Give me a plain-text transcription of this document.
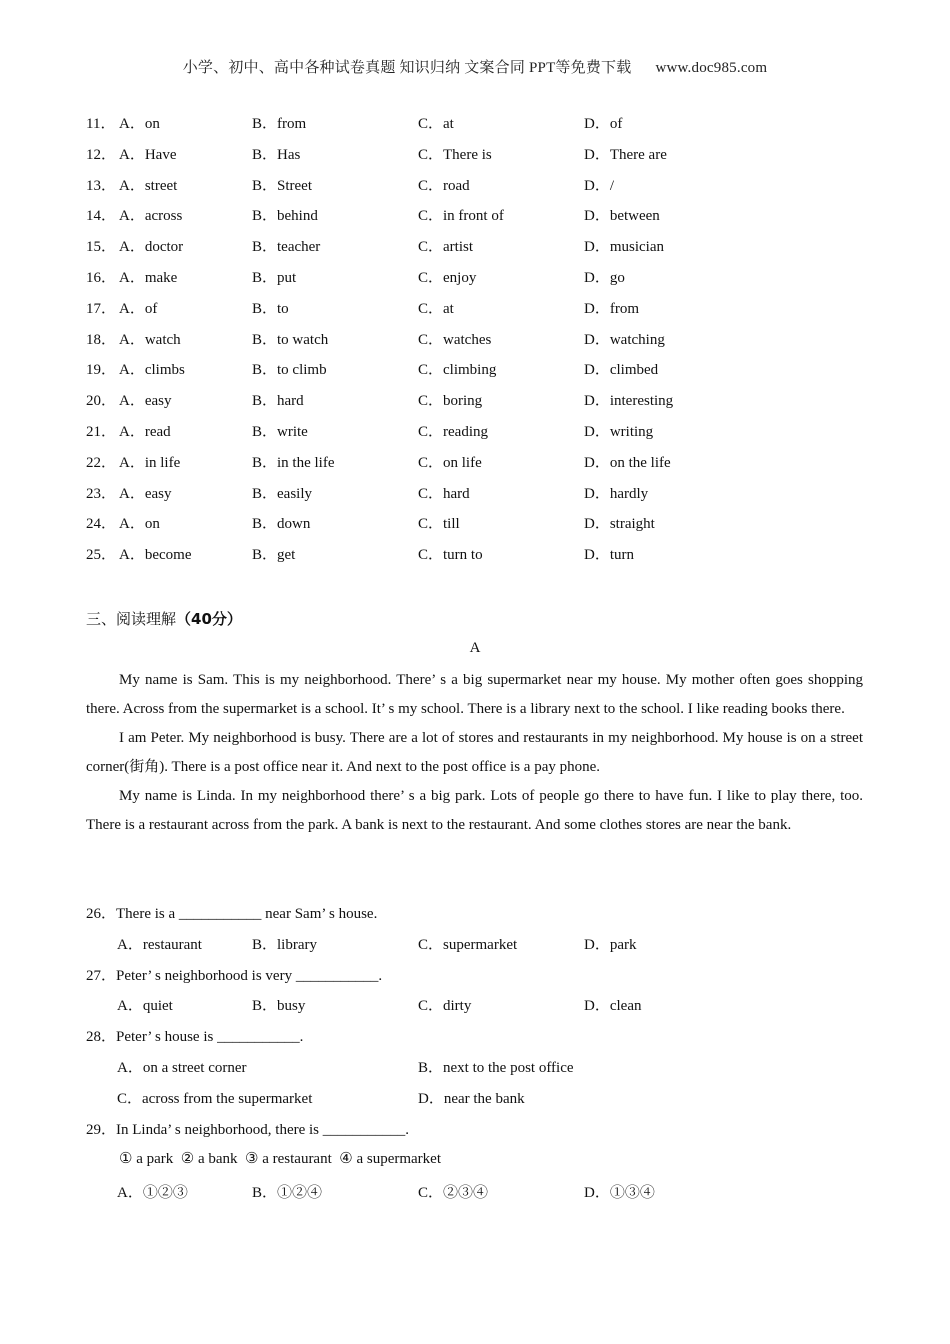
小学、初中、高中各种试卷真题 知识归纳 文案合同 PPT等免费下载 www.doc985.com
11． A．on	B．from	C．at	D．of
12． A．Have	B．Has	C．There is	D．There are
13． A．street	B．Street	C．road	D．/
14． A．across	B．behind	C．in front of	D．between
15． A．doctor	B．teacher	C．artist	D．musician
16． A．make	B．put	C．enjoy	D．go
17． A．of	B．to	C．at	D．from
18． A．watch	B．to watch	C．watches	D．watching
19． A．climbs	B．to climb	C．climbing	D．climbed
20． A．easy	B．hard	C．boring	D．interesting
21． A．read	B．write	C．reading	D．writing
22． A．in life	B．in the life	C．on life	D．on the life
23． A．easy	B．easily	C．hard	D．hardly
24． A．on	B．down	C．till	D．straight
25． A．become	B．get	C．turn to	D．turn
三、阅读理解（40分）
A

My name is Sam. This is my neighborhood. There’ s a big supermarket near my house. My mother often goes shopping there. Across from the supermarket is a school. It’ s my school. There is a library next to the school. I like reading books there.

I am Peter. My neighborhood is busy. There are a lot of stores and restaurants in my neighborhood. My house is on a street corner(街角). There is a post office near it. And next to the post office is a pay phone.

My name is Linda. In my neighborhood there’ s a big park. Lots of people go there to have fun. I like to play there, too. There is a restaurant across from the park. A bank is next to the restaurant. And some clothes stores are near the bank.

26．There is a ___________ near Sam’ s house.
A．restaurant	B．library	C．supermarket	D．park
27．Peter’ s neighborhood is very ___________.
A．quiet	B．busy	C．dirty	D．clean
28．Peter’ s house is ___________.
A．on a street corner	B．next to the post office
C．across from the supermarket	D．near the bank
29．In Linda’ s neighborhood, there is ___________.
① a park  ② a bank  ③ a restaurant  ④ a supermarket
A．①②③	B．①②④	C．②③④	D．①③④
